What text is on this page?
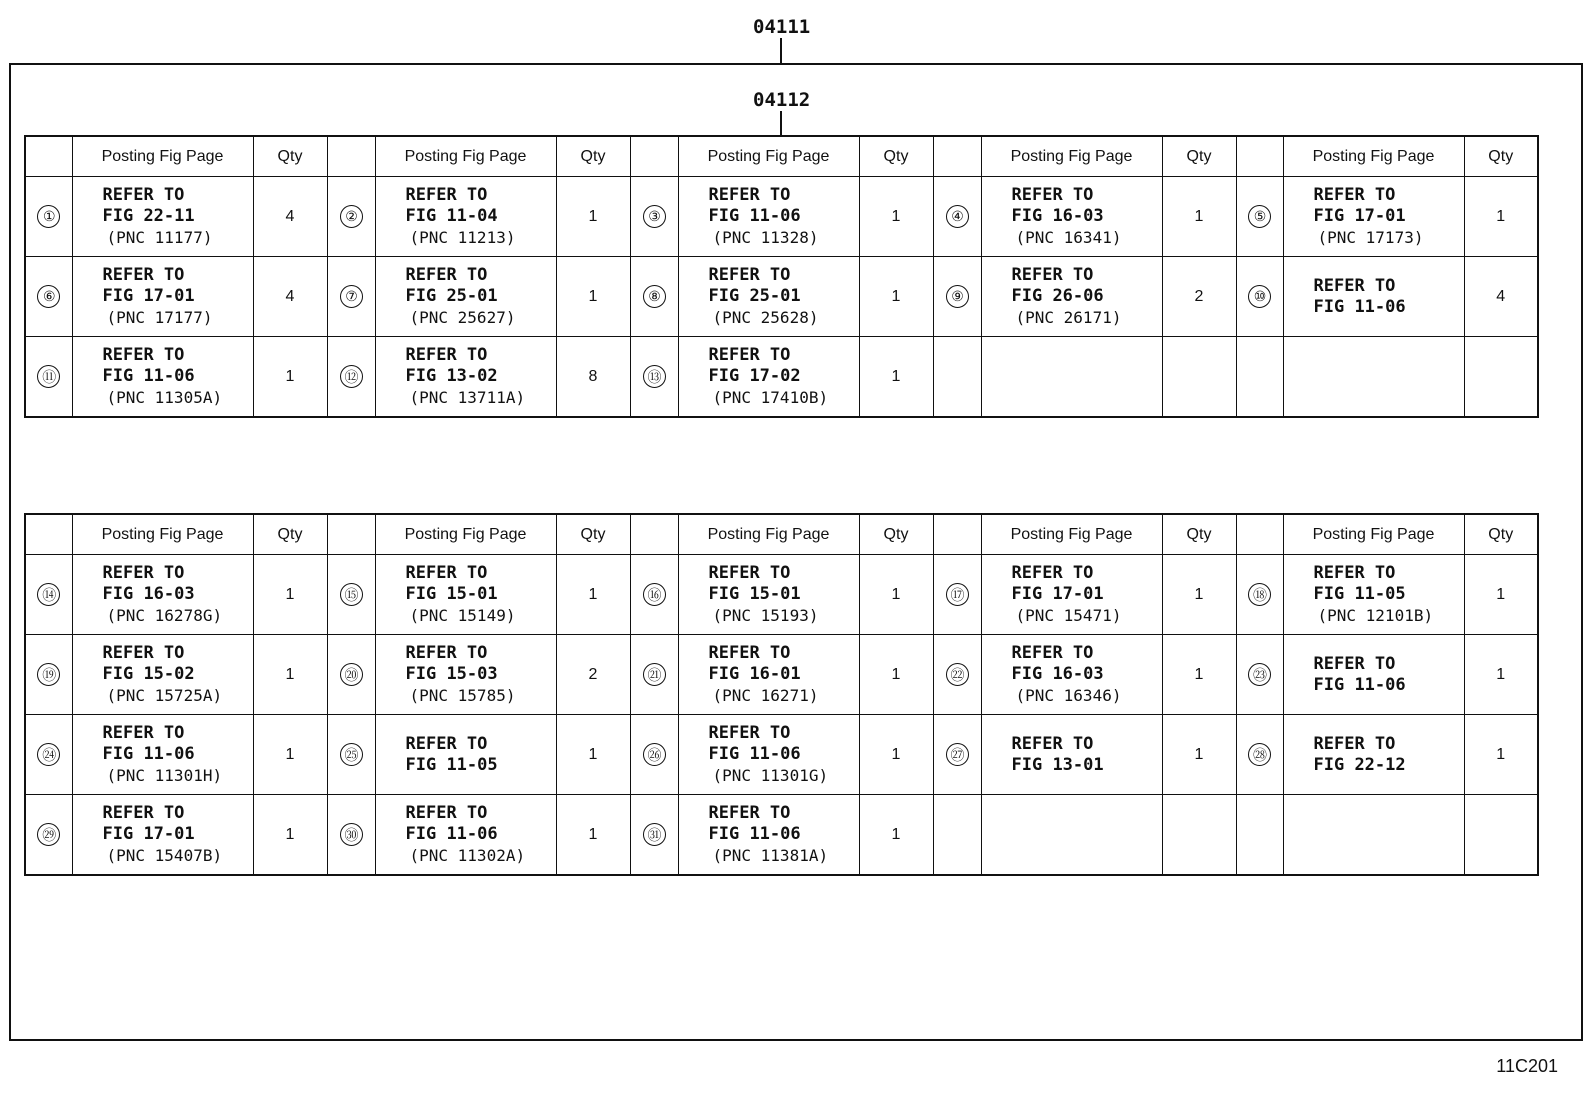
04111
04112
	Posting Fig Page	Qty		Posting Fig Page	Qty		Posting Fig Page	Qty		Posting Fig Page	Qty		Posting Fig Page	Qty
①	REFER TO
FIG 22-11
(PNC 11177)	4	②	REFER TO
FIG 11-04
(PNC 11213)	1	③	REFER TO
FIG 11-06
(PNC 11328)	1	④	REFER TO
FIG 16-03
(PNC 16341)	1	⑤	REFER TO
FIG 17-01
(PNC 17173)	1
⑥	REFER TO
FIG 17-01
(PNC 17177)	4	⑦	REFER TO
FIG 25-01
(PNC 25627)	1	⑧	REFER TO
FIG 25-01
(PNC 25628)	1	⑨	REFER TO
FIG 26-06
(PNC 26171)	2	⑩	REFER TO
FIG 11-06	4
⑪	REFER TO
FIG 11-06
(PNC 11305A)	1	⑫	REFER TO
FIG 13-02
(PNC 13711A)	8	⑬	REFER TO
FIG 17-02
(PNC 17410B)	1						
	Posting Fig Page	Qty		Posting Fig Page	Qty		Posting Fig Page	Qty		Posting Fig Page	Qty		Posting Fig Page	Qty
⑭	REFER TO
FIG 16-03
(PNC 16278G)	1	⑮	REFER TO
FIG 15-01
(PNC 15149)	1	⑯	REFER TO
FIG 15-01
(PNC 15193)	1	⑰	REFER TO
FIG 17-01
(PNC 15471)	1	⑱	REFER TO
FIG 11-05
(PNC 12101B)	1
⑲	REFER TO
FIG 15-02
(PNC 15725A)	1	⑳	REFER TO
FIG 15-03
(PNC 15785)	2	㉑	REFER TO
FIG 16-01
(PNC 16271)	1	㉒	REFER TO
FIG 16-03
(PNC 16346)	1	㉓	REFER TO
FIG 11-06	1
㉔	REFER TO
FIG 11-06
(PNC 11301H)	1	㉕	REFER TO
FIG 11-05	1	㉖	REFER TO
FIG 11-06
(PNC 11301G)	1	㉗	REFER TO
FIG 13-01	1	㉘	REFER TO
FIG 22-12	1
㉙	REFER TO
FIG 17-01
(PNC 15407B)	1	㉚	REFER TO
FIG 11-06
(PNC 11302A)	1	㉛	REFER TO
FIG 11-06
(PNC 11381A)	1						
11C201
